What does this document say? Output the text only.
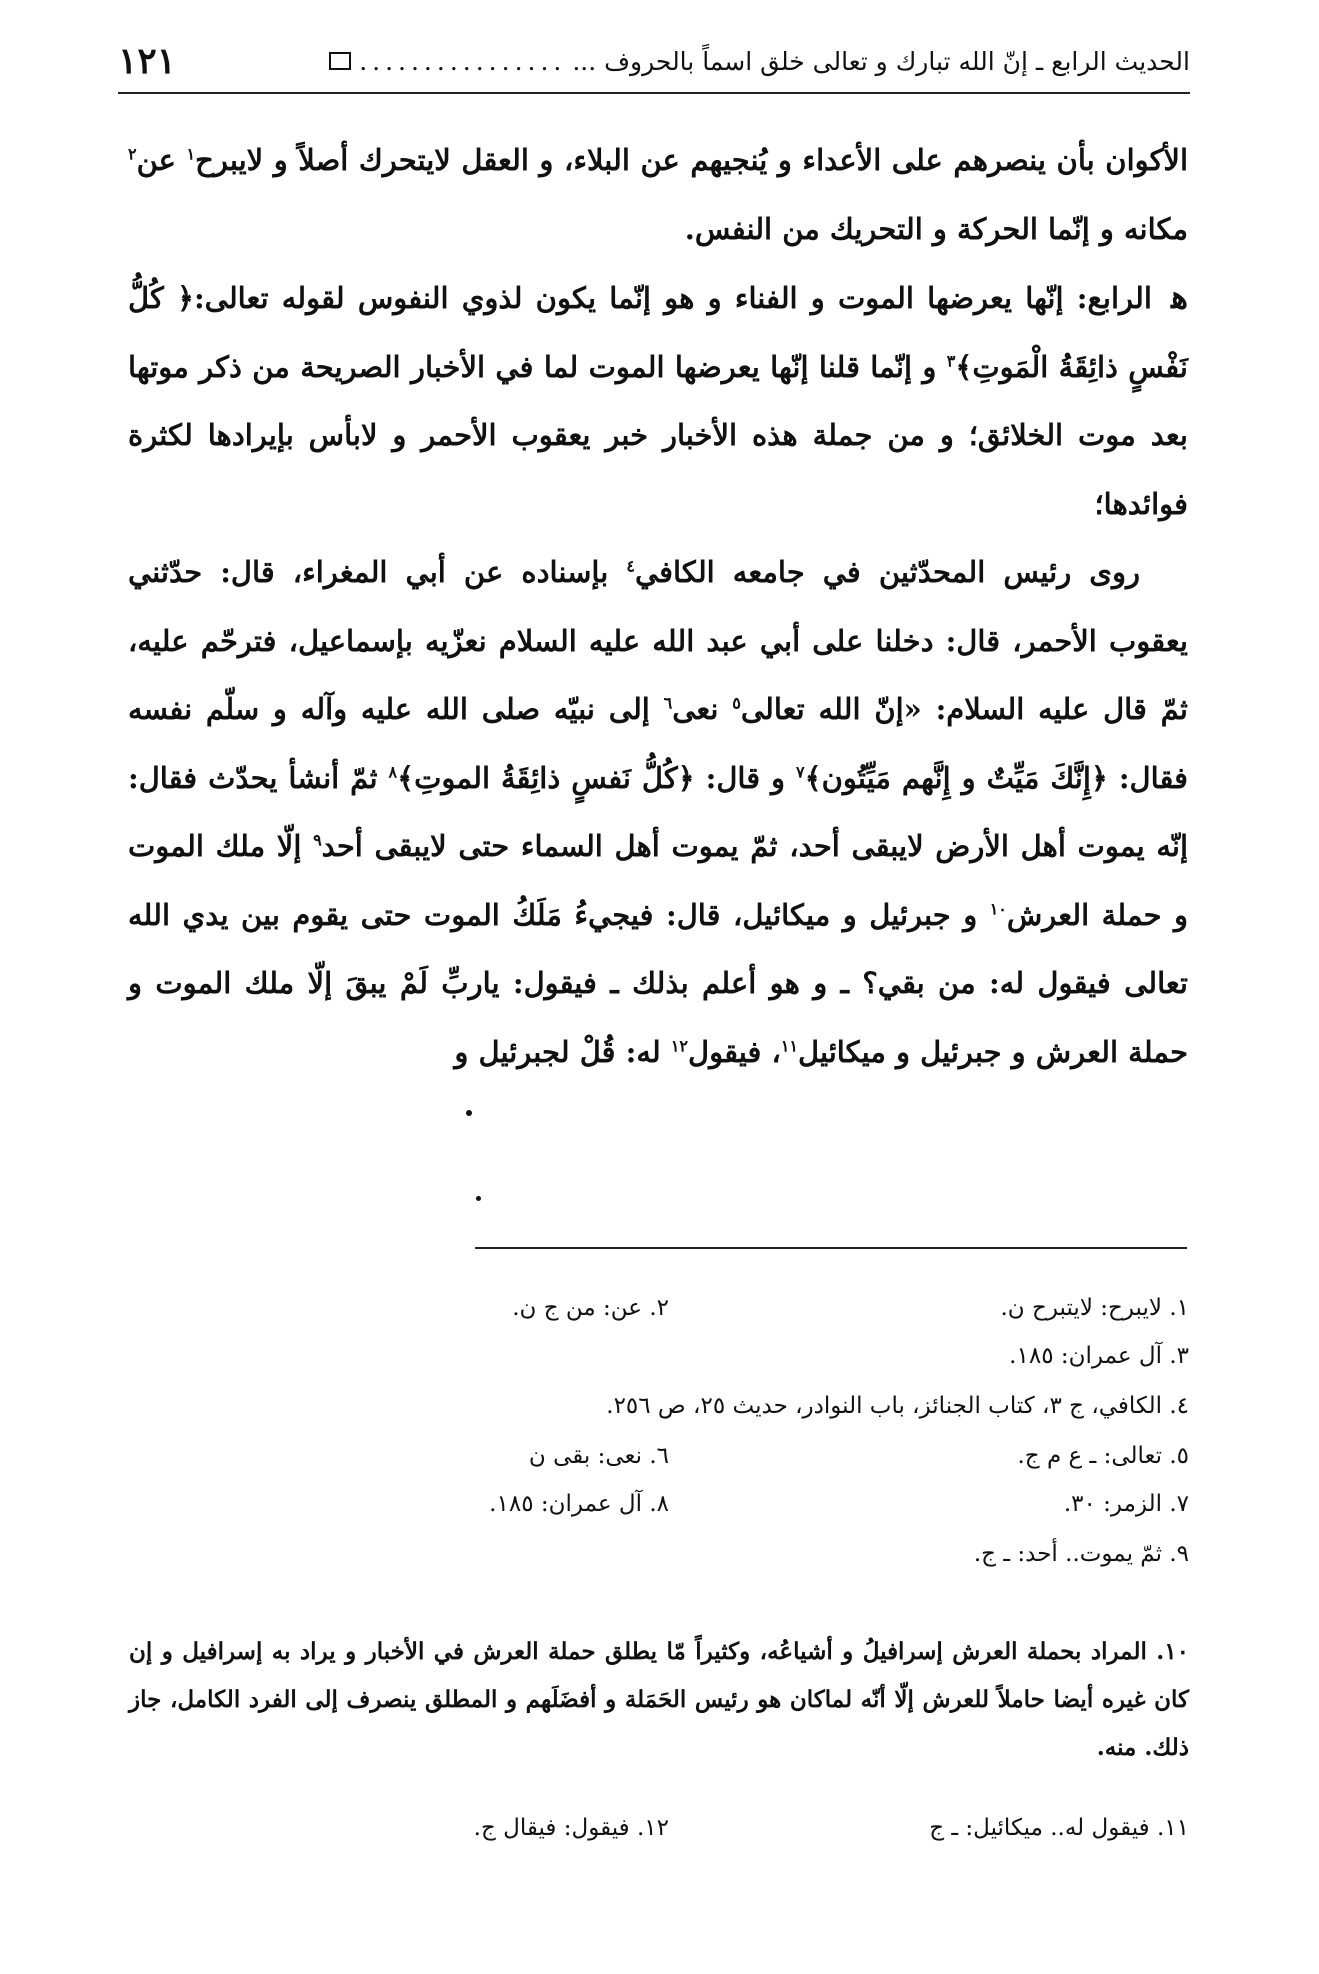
الحديث الرابع ـ إنّ الله تبارك و تعالى خلق اسماً بالحروف ...
................
١٢١

الأكوان بأن ينصرهم على الأعداء و يُنجيهم عن البلاء، و العقل لايتحرك أصلاً و لايبرح$^١$ عن$^٢$ مكانه و إنّما الحركة و التحريك من النفس.

ﻫ الرابع: إنّها يعرضها الموت و الفناء و هو إنّما يكون لذوي النفوس لقوله تعالى:﴿ كُلُّ نَفْسٍ ذائِقَةُ الْمَوتِ﴾$^٣$ و إنّما قلنا إنّها يعرضها الموت لما في الأخبار الصريحة من ذكر موتها بعد موت الخلائق؛ و من جملة هذه الأخبار خبر يعقوب الأحمر و لابأس بإيرادها لكثرة فوائدها؛

روى رئيس المحدّثين في جامعه الكافي$^٤$ بإسناده عن أبي المغراء، قال: حدّثني يعقوب الأحمر، قال: دخلنا على أبي عبد الله عليه السلام نعزّيه بإسماعيل، فترحّم عليه، ثمّ قال عليه السلام: «إنّ الله تعالى$^٥$ نعى$^٦$ إلى نبيّه صلى الله عليه وآله و سلّم نفسه فقال: ﴿إِنَّكَ مَيِّتٌ و إِنَّهم مَيِّتُون﴾$^٧$ و قال: ﴿كُلُّ نَفسٍ ذائِقَةُ الموتِ﴾$^٨$ ثمّ أنشأ يحدّث فقال: إنّه يموت أهل الأرض لايبقى أحد، ثمّ يموت أهل السماء حتى لايبقى أحد$^٩$ إلّا ملك الموت و حملة العرش$^{١٠}$ و جبرئيل و ميكائيل، قال: فيجيءُ مَلَكُ الموت حتى يقوم بين يدي الله تعالى فيقول له: من بقي؟ ـ و هو أعلم بذلك ـ فيقول: ياربِّ لَمْ يبقَ إلّا ملك الموت و حملة العرش و جبرئيل و ميكائيل$^{١١}$، فيقول$^{١٢}$ له: قُلْ لجبرئيل و

١. لايبرح: لايتبرح ن.
٢. عن: من ج ن.
٣. آل عمران: ١٨٥.
٤. الكافي، ج ٣، كتاب الجنائز، باب النوادر، حديث ٢٥، ص ٢٥٦.
٥. تعالى: ـ ع م ج.
٦. نعى: بقى ن
٧. الزمر: ٣٠.
٨. آل عمران: ١٨٥.
٩. ثمّ يموت.. أحد: ـ ج.
١٠. المراد بحملة العرش إسرافيلُ و أشياعُه، وكثيراً مّا يطلق حملة العرش في الأخبار و يراد به إسرافيل و إن كان غيره أيضا حاملاً للعرش إلّا أنّه لماكان هو رئيس الحَمَلة و أفضَلَهم و المطلق ينصرف إلى الفرد الكامل، جاز ذلك. منه.
١١. فيقول له.. ميكائيل: ـ ج
١٢. فيقول: فيقال ج.
